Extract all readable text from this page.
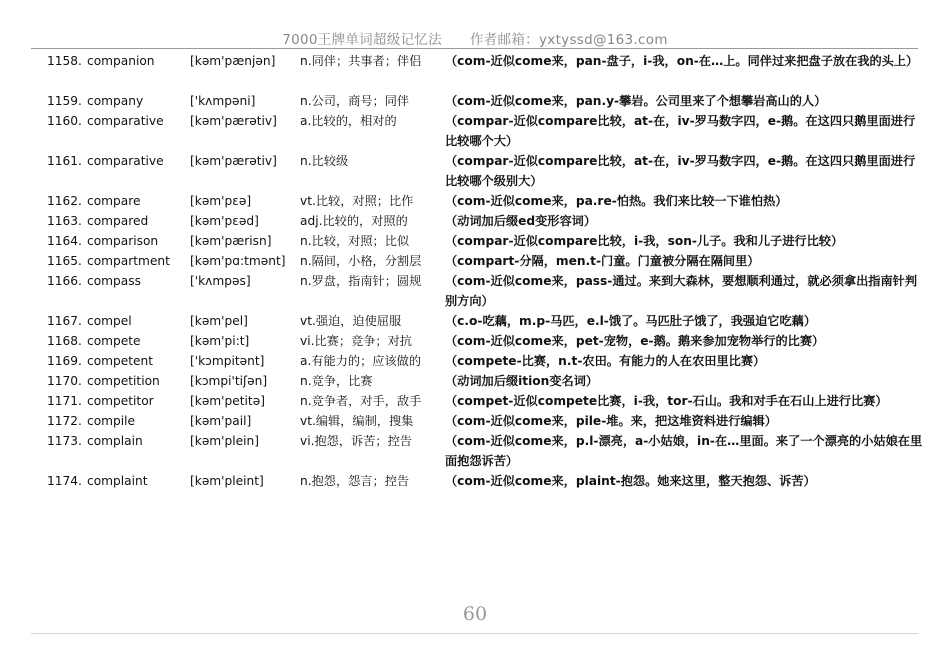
7000王牌单词超级记忆法 作者邮箱：yxtyssd@163.com
1158. companion	[kəm'pænjən] n.同伴；共事者；伴侣 （com-近似come来，pan-盘子，i-我，on-在…上。同伴过来把盘子放在我的头上）
1159. company	['kʌmpəni]	n.公司，商号；同伴	（com-近似come来，pan.y-攀岩。公司里来了个想攀岩高山的人）
1160. comparative [kəm'pærətiv] a.比较的，相对的	（compar-近似compare比较，at-在，iv-罗马数字四，e-鹅。在这四只鹅里面进行比较哪个大）
1161. comparative [kəm'pærətiv] n.比较级	（compar-近似compare比较，at-在，iv-罗马数字四，e-鹅。在这四只鹅里面进行比较哪个级别大）
1162. compare	[kəm'pɛə]	vt.比较，对照；比作	（com-近似come来，pa.re-怕热。我们来比较一下谁怕热）
1163. compared	[kəm'pɛəd]	adj.比较的，对照的	（动词加后缀ed变形容词）
1164. comparison	[kəm'pærisn] n.比较，对照；比似	（compar-近似compare比较，i-我，son-儿子。我和儿子进行比较）
1165. compartment [kəm'pɑ:tmənt] n.隔间，小格，分割层 （compart-分隔，men.t-门童。门童被分隔在隔间里）
1166. compass	['kʌmpəs]	n.罗盘，指南针；圆规 （com-近似come来，pass-通过。来到大森林，要想顺利通过，就必须拿出指南针判别方向）
1167. compel	[kəm'pel]	vt.强迫，迫使屈服	（c.o-吃藕，m.p-马匹，e.l-饿了。马匹肚子饿了，我强迫它吃藕）
1168. compete	[kəm'pi:t]	vi.比赛；竞争；对抗	（com-近似come来，pet-宠物，e-鹅。鹅来参加宠物举行的比赛）
1169. competent	['kɔmpitənt]	a.有能力的；应该做的 （compete-比赛，n.t-农田。有能力的人在农田里比赛）
1170. competition [kɔmpi'tiʃən]	n.竞争，比赛	（动词加后缀ition变名词）
1171. competitor	[kəm'petitə]	n.竞争者，对手，敌手 （compet-近似compete比赛，i-我，tor-石山。我和对手在石山上进行比赛）
1172. compile	[kəm'pail]	vt.编辑，编制，搜集	（com-近似come来，pile-堆。来，把这堆资料进行编辑）
1173. complain	[kəm'plein]	vi.抱怨，诉苦；控告	（com-近似come来，p.l-漂亮，a-小姑娘，in-在…里面。来了一个漂亮的小姑娘在里面抱怨诉苦）
1174. complaint	[kəm'pleint]	n.抱怨，怨言；控告	（com-近似come来，plaint-抱怨。她来这里，整天抱怨、诉苦）
60
